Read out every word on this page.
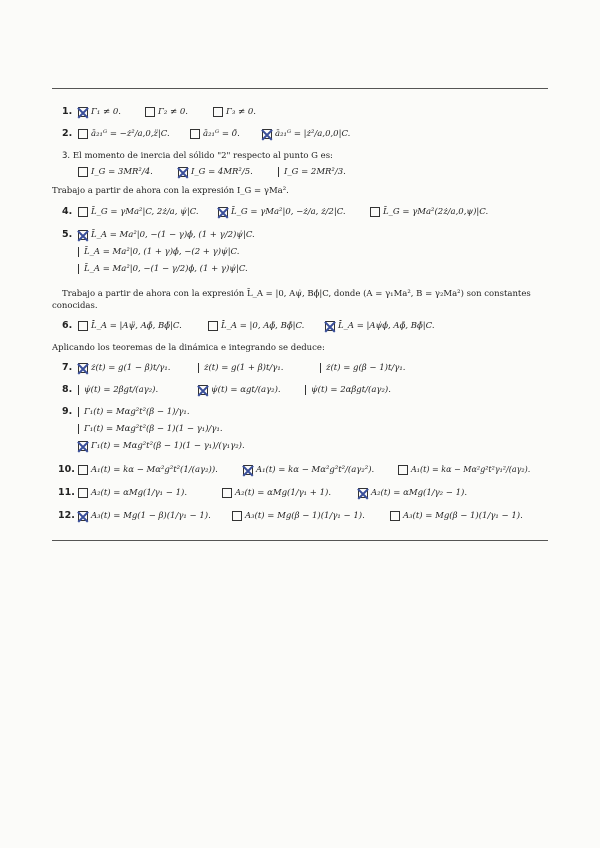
1. Γ₁ ≠ 0.	Γ₂ ≠ 0.	Γ₃ ≠ 0.
2. ā₂₁ᴳ = −ż²/a,0,z̈|C.	ā₂₁ᴳ = 0̄.	ā₂₁ᴳ = |ż²/a,0,0|C.
3. El momento de inercia del sólido "2" respecto al punto G es:
I_G = 3MR²/4.	I_G = 4MR²/5.	I_G = 2MR²/3.
Trabajo a partir de ahora con la expresión I_G = γMa².
4. L̄_G = γMa²|C, 2ż/a, ψ̇|C.	L̄_G = γMa²|0, −ż/a, ż/2|C.	L̄_G = γMa²(2ż/a,0,ψ)|C.
5. L̄_A = Ma²|0, −(1 − γ)ϕ̇, (1 + γ/2)ψ̇|C.
L̄_A = Ma²|0, (1 + γ)ϕ̇, −(2 + γ)ψ̇|C.
L̄_A = Ma²|0, −(1 − γ/2)ϕ̇, (1 + γ)ψ̇|C.
Trabajo a partir de ahora con la expresión L̄_A = |0, Aψ̇, Bϕ̇|C, donde (A = γ₁Ma², B = γ₂Ma²) son constantes
conocidas.
6. L̄̇_A = |Aψ̈, Aϕ̈, Bϕ̈|C.	L̄̇_A = |0, Aϕ̈, Bϕ̈|C.	L̄̇_A = |Aψ̇ϕ̇, Aϕ̈, Bϕ̈|C.
Aplicando los teoremas de la dinámica e integrando se deduce:
7. ż(t) = g(1 − β)t/γ₁.	ż(t) = g(1 + β)t/γ₁.	ż(t) = g(β − 1)t/γ₁.
8. ψ̇(t) = 2βgt/(aγ₂).	ψ̇(t) = αgt/(aγ₂).	ψ̇(t) = 2αβgt/(aγ₂).
9. Γ₁(t) = Mαg²t²(β − 1)/γ₁.
Γ₁(t) = Mαg²t²(β − 1)(1 − γ₁)/γ₁.
Γ₁(t) = Mαg²t²(β − 1)(1 − γ₁)/(γ₁γ₂).
10. A₁(t) = kα − Mα²g²t²(1/(aγ₂)).	A₁(t) = kα − Mα²g²t²/(aγ₂²).	A₁(t) = kα − Mα²g²t²γ₁²/(aγ₂).
11. A₂(t) = αMg(1/γ₁ − 1).	A₂(t) = αMg(1/γ₁ + 1).	A₂(t) = αMg(1/γ₂ − 1).
12. A₃(t) = Mg(1 − β)(1/γ₁ − 1).	A₃(t) = Mg(β − 1)(1/γ₁ − 1).	A₃(t) = Mg(β − 1)(1/γ₁ − 1).
